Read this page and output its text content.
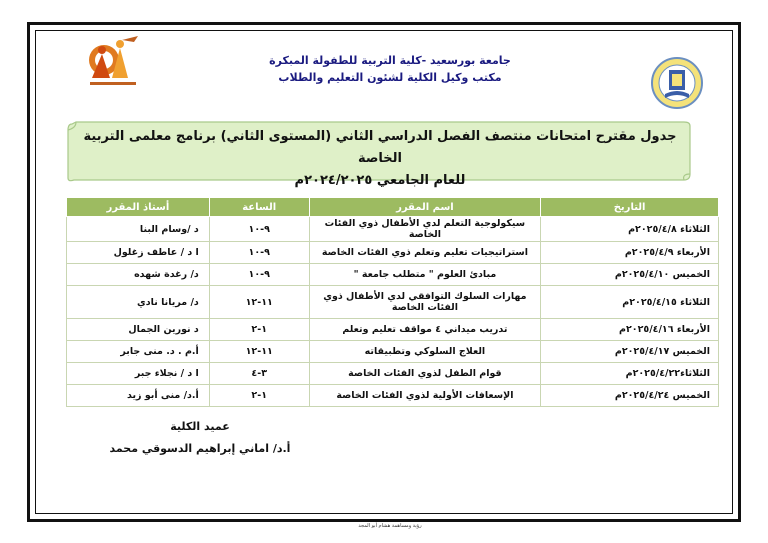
جامعة بورسعيد -كلية التربية للطفولة المبكرة
مكتب وكيل الكلية لشئون التعليم والطلاب
جدول مقترح امتحانات منتصف الفصل الدراسي الثاني (المستوى الثاني) برنامج معلمى التربية الخاصة
للعام الجامعي ٢٠٢٤/٢٠٢٥م
التاريخ	اسم المقرر	الساعة	أستاذ المقرر
الثلاثاء ٢٠٢٥/٤/٨م	سيكولوجية التعلم لدي الأطفال ذوي الفئات الخاصة	٩-١٠	د /وسام البنا
الأربعاء ٢٠٢٥/٤/٩م	استراتيجيات تعليم وتعلم ذوي الفئات الخاصة	٩-١٠	ا د / عاطف زغلول
الخميس ٢٠٢٥/٤/١٠م	مبادئ العلوم " متطلب جامعة "	٩-١٠	د/ رغدة شهده
الثلاثاء ٢٠٢٥/٤/١٥م	مهارات السلوك التوافقي لدي الأطفال ذوي الفئات الخاصة	١١-١٢	د/ مريانا نادي
الأربعاء ٢٠٢٥/٤/١٦م	تدريب ميداني ٤ مواقف تعليم وتعلم	١-٢	د نورين الجمال
الخميس ٢٠٢٥/٤/١٧م	العلاج السلوكي وتطبيقاته	١١-١٢	أ.م . د. منى جابر
الثلاثاء٢٠٢٥/٤/٢٢م	قوام الطفل لذوي الفئات الخاصة	٣-٤	ا د / نجلاء جبر
الخميس ٢٠٢٥/٤/٢٤م	الإسعافات الأولية لذوي الفئات الخاصة	١-٢	أ.د/ منى أبو زيد
عميد الكلية
أ.د/ اماني إبراهيم الدسوقي محمد
رؤية ومساهمة هشام أبو المجد
